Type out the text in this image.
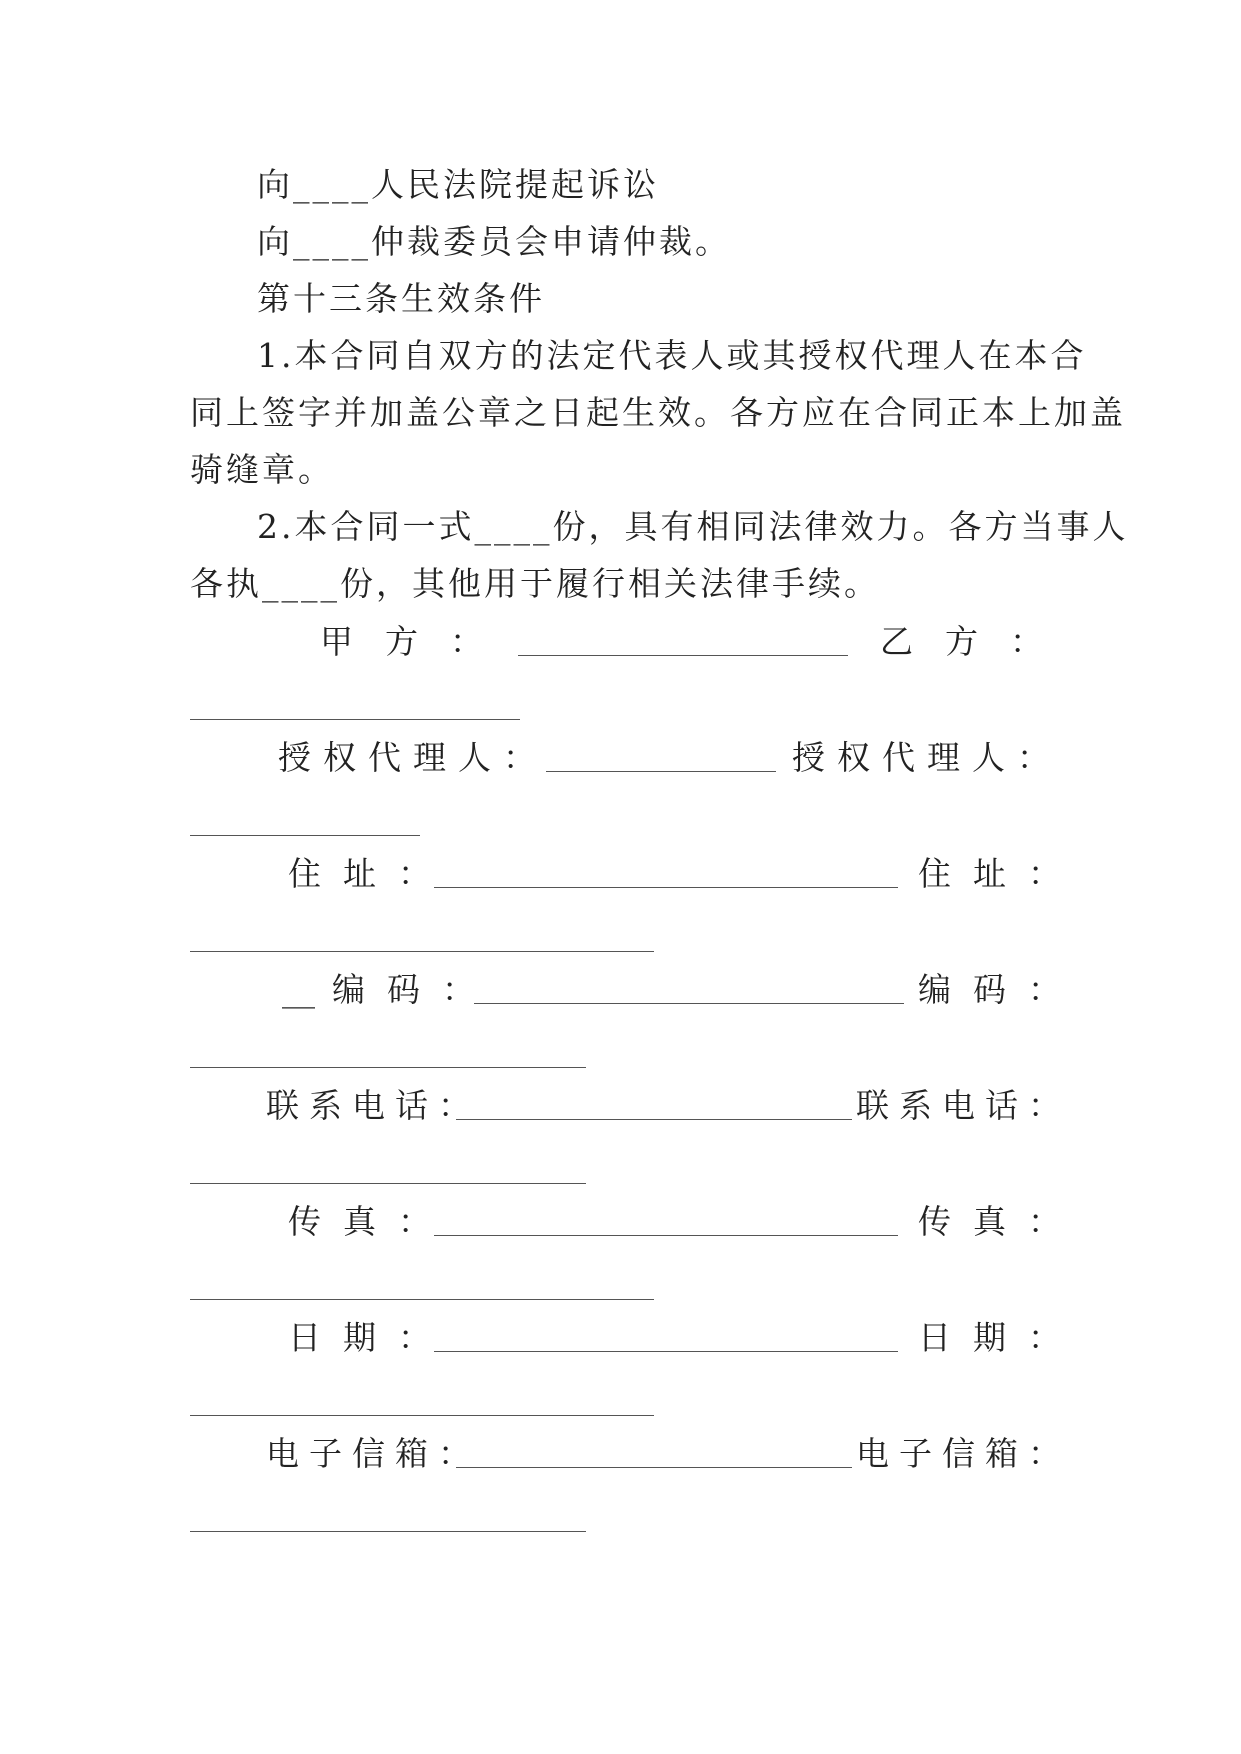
向____人民法院提起诉讼
向____仲裁委员会申请仲裁。
第十三条生效条件
1.本合同自双方的法定代表人或其授权代理人在本合
同上签字并加盖公章之日起生效。各方应在合同正本上加盖
骑缝章。
2.本合同一式____份，具有相同法律效力。各方当事人
各执____份，其他用于履行相关法律手续。
甲方：	乙方：
授权代理人：	授权代理人：
住址：	住址：
__ 编码：	编码：
联系电话：	联系电话：
传真：	传真：
日期：	日期：
电子信箱：	电子信箱：
